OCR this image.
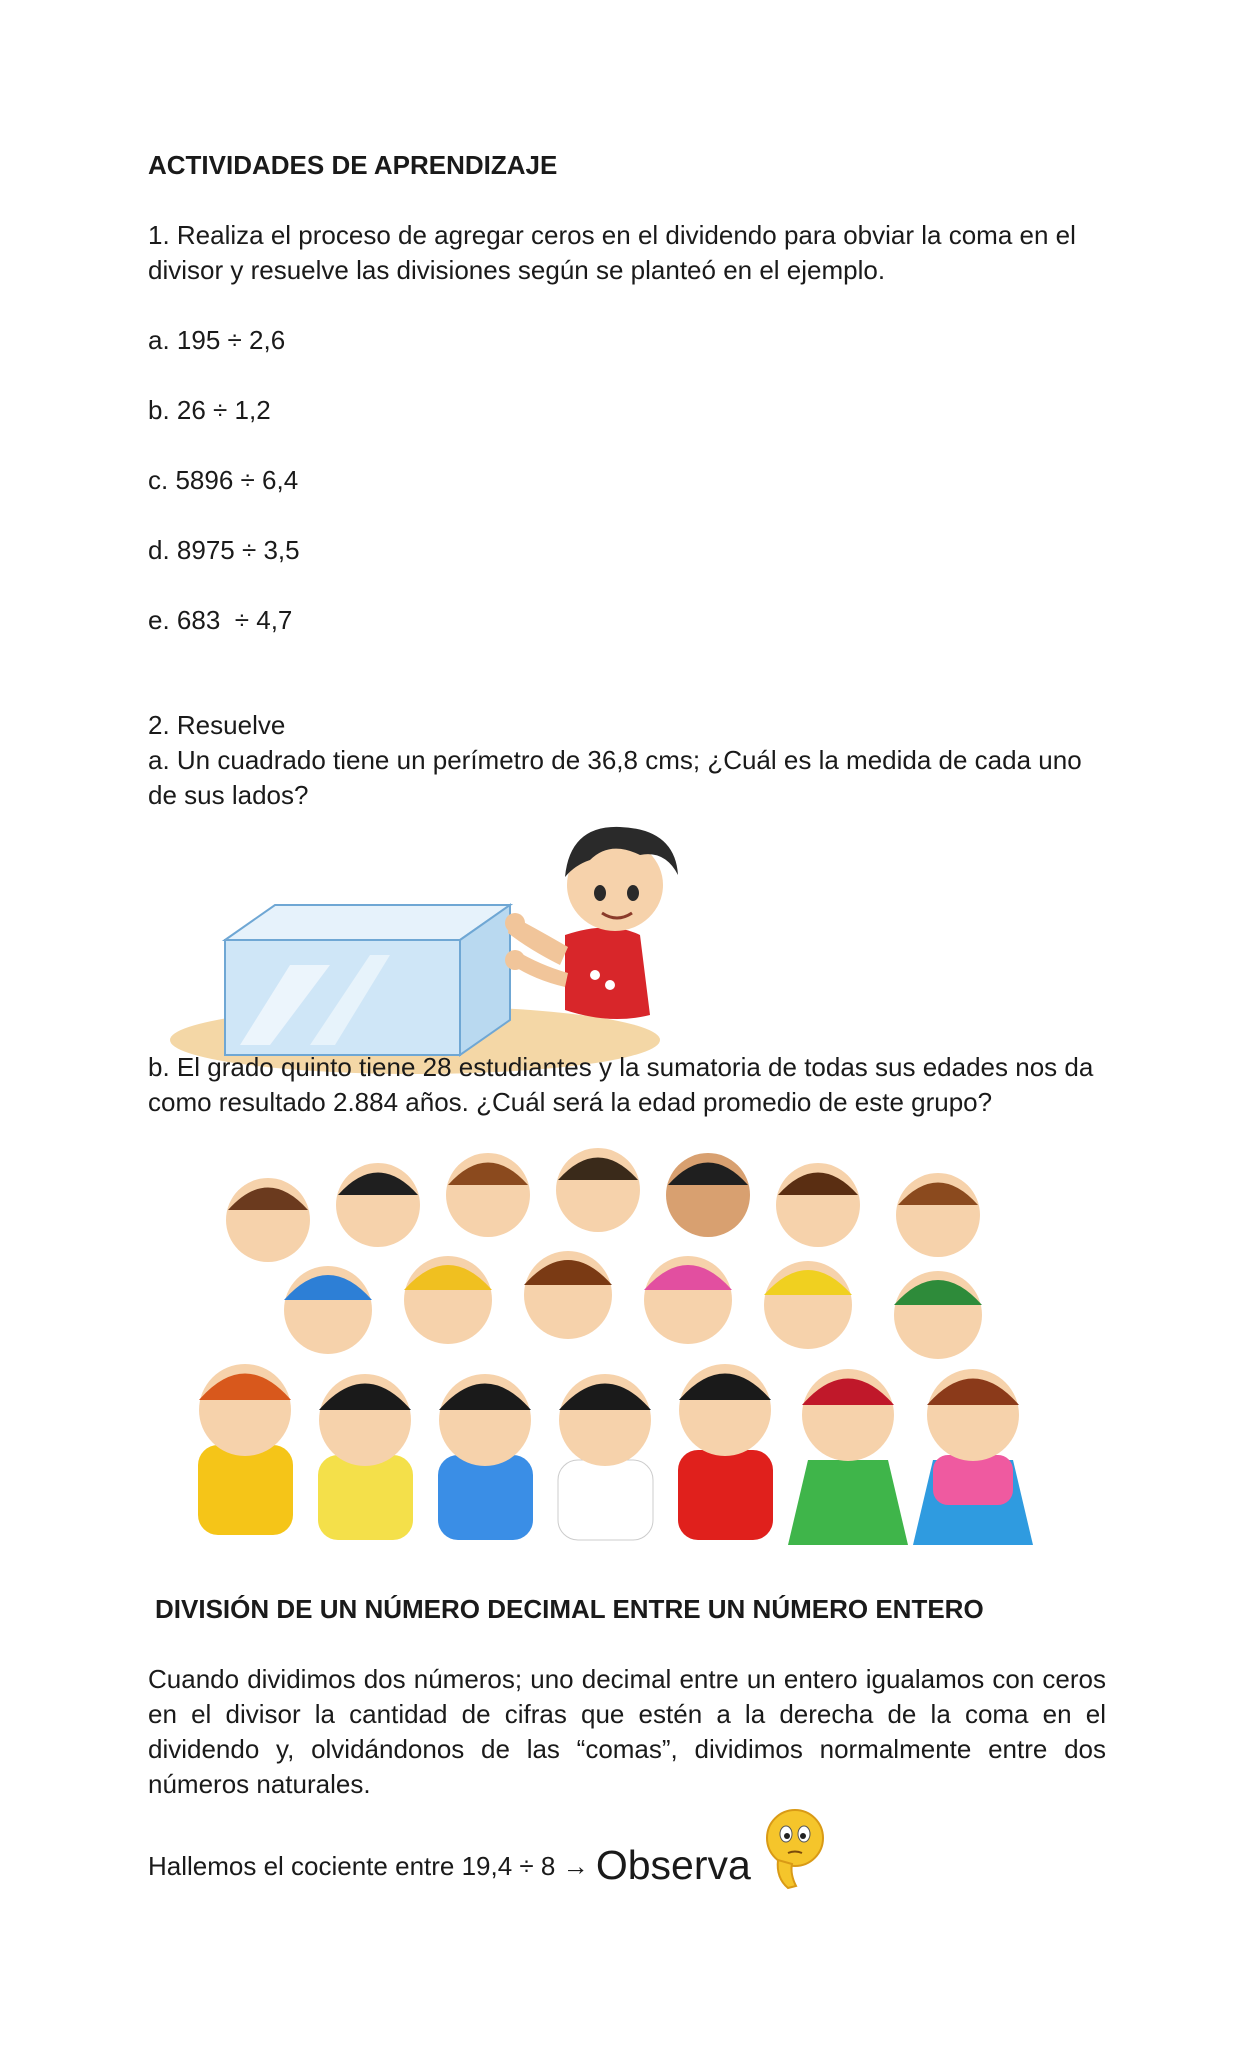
ACTIVIDADES DE APRENDIZAJE

1. Realiza el proceso de agregar ceros en el dividendo para obviar la coma en el divisor y resuelve las divisiones según se planteó en el ejemplo.

a. 195 ÷ 2,6

b. 26 ÷ 1,2

c. 5896 ÷ 6,4

d. 8975 ÷ 3,5

e. 683  ÷ 4,7

2. Resuelve

a. Un cuadrado tiene un perímetro de 36,8 cms; ¿Cuál es la medida de cada uno de sus lados?

b. El grado quinto tiene 28 estudiantes y la sumatoria de todas sus edades nos da como resultado 2.884 años. ¿Cuál será la edad promedio de este grupo?

DIVISIÓN DE UN NÚMERO DECIMAL ENTRE UN NÚMERO ENTERO

Cuando dividimos dos números; uno decimal entre un entero igualamos con ceros en el divisor la cantidad de cifras que estén a la derecha de la coma en el dividendo y, olvidándonos de las “comas”, dividimos normalmente entre dos números naturales.

Hallemos el cociente entre 19,4 ÷ 8 → Observa
